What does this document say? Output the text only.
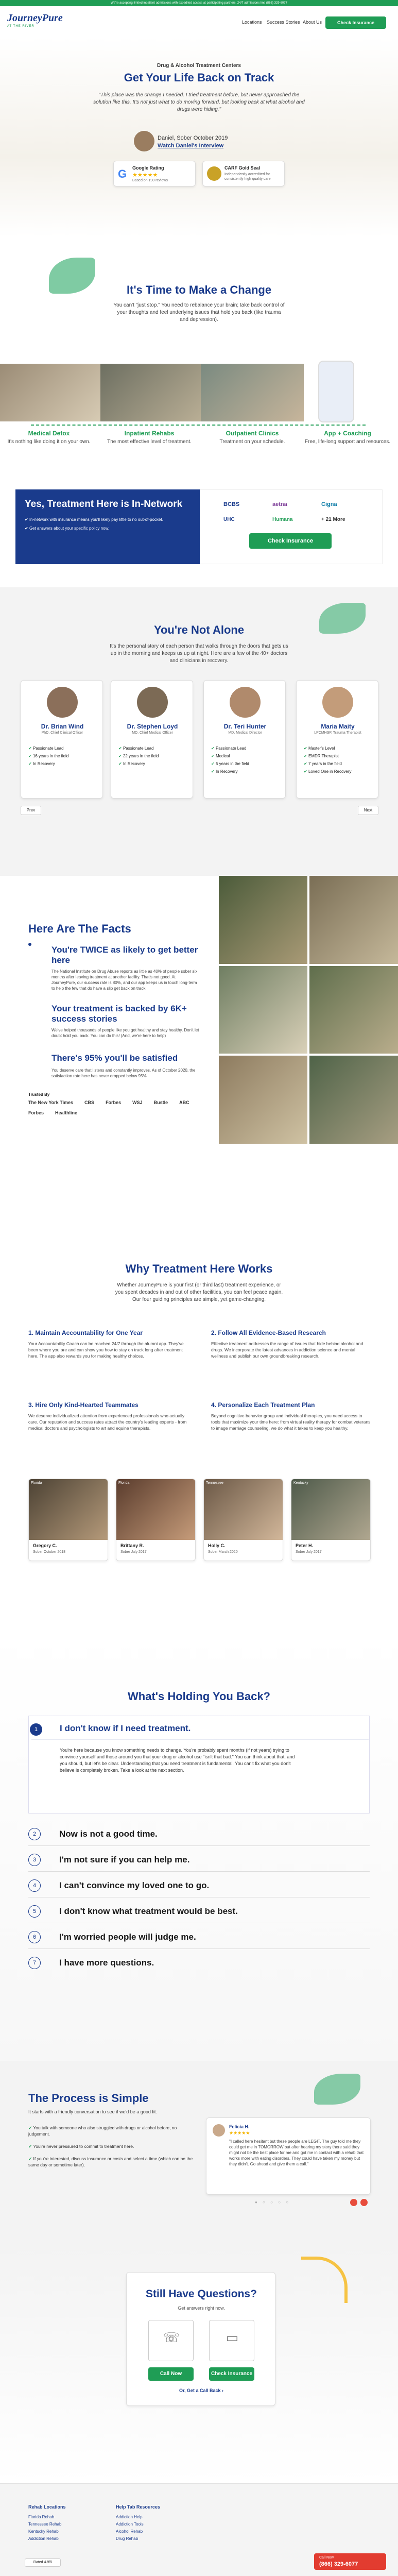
We're accepting limited inpatient admissions with expedited access at participating partners. 24/7 admissions line (866) 329-6077
JourneyPure
AT THE RIVER
Locations Success Stories About Us	Check Insurance
Drug & Alcohol Treatment Centers
Get Your Life Back on Track
"This place was the change I needed. I tried treatment before, but never approached the solution like this. It's not just what to do moving forward, but looking back at what alcohol and drugs were hiding."
Daniel, Sober October 2019
Watch Daniel's Interview
G Google Rating
★★★★★
Based on 190 reviews
CARF Gold Seal
Independently accredited for consistently high quality care
It's Time to Make a Change
You can't "just stop." You need to rebalance your brain; take back control of your thoughts and feel underlying issues that hold you back (like trauma and depression).
Medical Detox
It's nothing like doing it on your own.
Inpatient Rehabs
The most effective level of treatment.
Outpatient Clinics
Treatment on your schedule.
App + Coaching
Free, life-long support and resources.
Yes, Treatment Here is In-Network
✔ In-network with insurance means you'll likely pay little to no out-of-pocket.
✔ Get answers about your specific policy now.
BCBS	aetna	Cigna
UHC	Humana	+ 21 More
Check Insurance
You're Not Alone
It's the personal story of each person that walks through the doors that gets us up in the morning and keeps us up at night. Here are a few of the 40+ doctors and clinicians in recovery.
Dr. Brian Wind
PhD, Chief Clinical Officer
✔ Passionate Lead
✔ 16 years in the field
✔ In Recovery
Dr. Stephen Loyd
MD, Chief Medical Officer
✔ Passionate Lead
✔ 22 years in the field
✔ In Recovery
Dr. Teri Hunter
MD, Medical Director
✔ Passionate Lead
✔ Medical
✔ 5 years in the field
✔ In Recovery
Maria Maity
LPCMHSP, Trauma Therapist
✔ Master's Level
✔ EMDR Therapist
✔ 7 years in the field
✔ Loved One in Recovery
Prev	Next
Here Are The Facts
You're TWICE as likely to get better here
The National Institute on Drug Abuse reports as little as 40% of people sober six months after leaving treatment at another facility. That's not good. At JourneyPure, our success rate is 80%, and our app keeps us in touch long-term to help the few that do have a slip get back on track.
Your treatment is backed by 6K+ success stories
We've helped thousands of people like you get healthy and stay healthy. Don't let doubt hold you back. You can do this! (And, we're here to help)
There's 95% you'll be satisfied
You deserve care that listens and constantly improves. As of October 2020, the satisfaction rate here has never dropped below 95%.
Trusted By
The New York Times CBS Forbes WSJ Bustle ABC
Forbes Healthline
Why Treatment Here Works
Whether JourneyPure is your first (or third last) treatment experience, or you spent decades in and out of other facilities, you can feel peace again. Our four guiding principles are simple, yet game-changing.
1. Maintain Accountability for One Year
Your Accountability Coach can be reached 24/7 through the alumni app. They've been where you are and can show you how to stay on track long after treatment here. The app also rewards you for making healthy choices.
2. Follow All Evidence-Based Research
Effective treatment addresses the range of issues that hide behind alcohol and drugs. We incorporate the latest advances in addiction science and mental wellness and publish our own groundbreaking research.
3. Hire Only Kind-Hearted Teammates
We deserve individualized attention from experienced professionals who actually care. Our reputation and success rates attract the country's leading experts - from medical doctors and psychologists to art and equine therapists.
4. Personalize Each Treatment Plan
Beyond cognitive behavior group and individual therapies, you need access to tools that maximize your time here: from virtual reality therapy for combat veterans to image marriage counseling, we do what it takes to keep you healthy.
Florida
Gregory C.
Sober October 2018
Florida
Brittany R.
Sober July 2017
Tennessee
Holly C.
Sober March 2020
Kentucky
Peter H.
Sober July 2017
What's Holding You Back?
1	I don't know if I need treatment.
You're here because you know something needs to change. You're probably spent months (if not years) trying to convince yourself and those around you that your drug or alcohol use "isn't that bad." You can think about that, and you should, but let's be clear. Understanding that you need treatment is fundamental. You can't fix what you don't believe is completely broken. Take a look at the next section.
2	Now is not a good time.
3	I'm not sure if you can help me.
4	I can't convince my loved one to go.
5	I don't know what treatment would be best.
6	I'm worried people will judge me.
7	I have more questions.
The Process is Simple
It starts with a friendly conversation to see if we'd be a good fit.
✔ You talk with someone who also struggled with drugs or alcohol before, no judgement.
✔ You're never pressured to commit to treatment here.
✔ If you're interested, discuss insurance or costs and select a time (which can be the same day or sometime later).
Felicia H.
★★★★★
"I called here hesitant but these people are LEGIT. The guy told me they could get me in TOMORROW but after hearing my story there said they might not be the best place for me and got me in contact with a rehab that works more with eating disorders. They could have taken my money but they didn't. Go ahead and give them a call."
● ○ ○ ○ ○
Still Have Questions?
Get answers right now.
☏	▭
Call Now	Check Insurance
Or, Get a Call Back ›
Rehab Locations
Florida Rehab
Tennessee Rehab
Kentucky Rehab
Addiction Rehab
Help Tab Resources
Addiction Help
Addiction Tools
Alcohol Rehab
Drug Rehab
Rated 4.9/5
Call Now
(866) 329-6077
